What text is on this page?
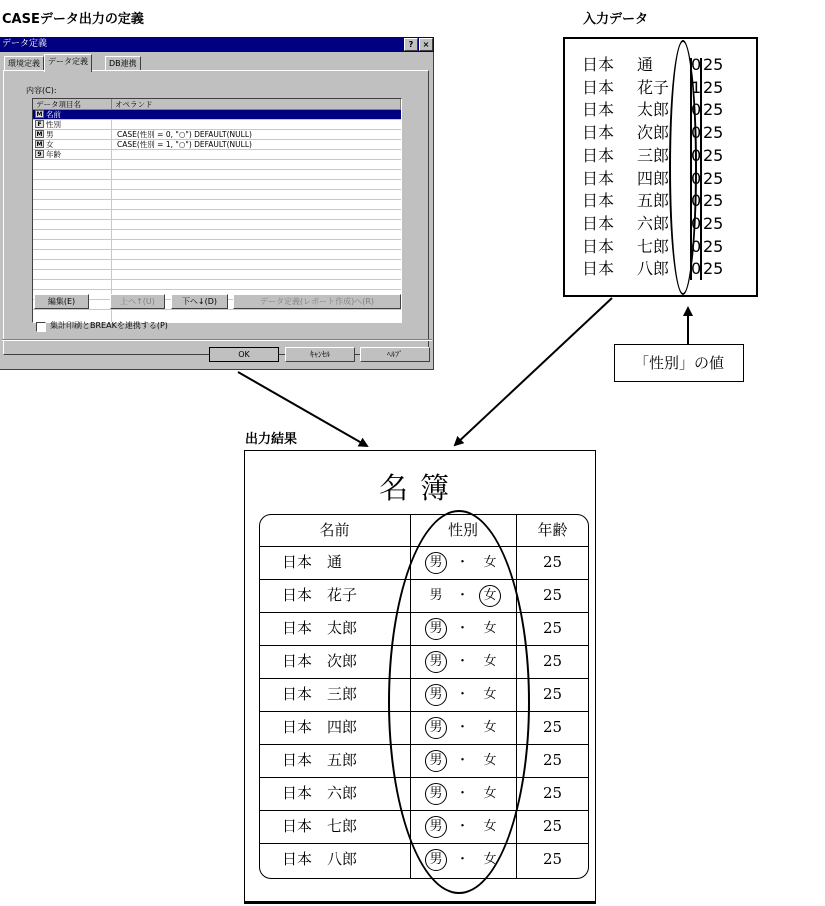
CASEデータ出力の定義	入力データ
出力結果
データ定義	?	×
環境定義	データ定義	DB連携
内容(C):
データ項目名	オペランド
M 名前
F 性別
M 男	CASE(性別 = 0, "○") DEFAULT(NULL)
M 女	CASE(性別 = 1, "○") DEFAULT(NULL)
9 年齢
編集(E)	上へ↑(U)	下へ↓(D)	データ定義(レポート作成)へ(R)
集計印刷とBREAKを連携する(P)
OK	ｷｬﾝｾﾙ	ﾍﾙﾌﾟ	「性別」の値
名簿
名前	性別	年齢
日本　通	男 ・ 女	25
日本　花子	男 ・ 女	25
日本　太郎	男 ・ 女	25
日本　次郎	男 ・ 女	25
日本　三郎	男 ・ 女	25
日本　四郎	男 ・ 女	25
日本　五郎	男 ・ 女	25
日本　六郎	男 ・ 女	25
日本　七郎	男 ・ 女	25
日本　八郎	男 ・ 女	25
日本 通 0 25
日本 花子 1 25
日本 太郎 0 25
日本 次郎 0 25
日本 三郎 0 25
日本 四郎 0 25
日本 五郎 0 25
日本 六郎 0 25
日本 七郎 0 25
日本 八郎 0 25
